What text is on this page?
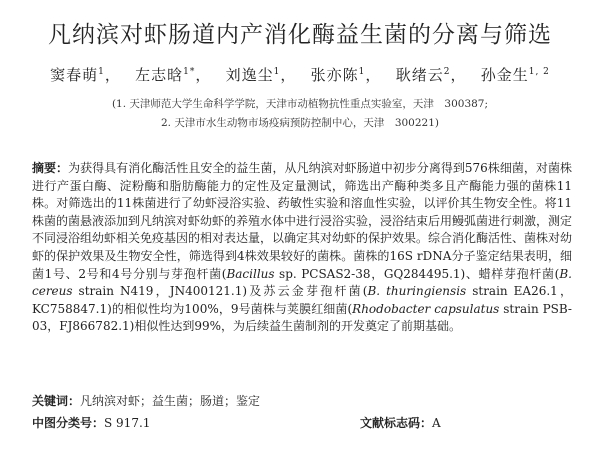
凡纳滨对虾肠道内产消化酶益生菌的分离与筛选
窦春萌$^1$，　 左志晗$^{1*}$，　 刘逸尘$^1$，　 张亦陈$^1$，　 耿绪云$^2$，　 孙金生$^{1, 2}$
(1. 天津师范大学生命科学学院，天津市动植物抗性重点实验室，天津　300387;
2. 天津市水生动物市场疫病预防控制中心，天津　300221)
摘要：为获得具有消化酶活性且安全的益生菌，从凡纳滨对虾肠道中初步分离得到576株细菌，对菌株进行产蛋白酶、淀粉酶和脂肪酶能力的定性及定量测试，筛选出产酶种类多且产酶能力强的菌株11株。对筛选出的11株菌进行了幼虾浸浴实验、药敏性实验和溶血性实验，以评价其生物安全性。将11株菌的菌悬液添加到凡纳滨对虾幼虾的养殖水体中进行浸浴实验，浸浴结束后用鳗弧菌进行刺激，测定不同浸浴组幼虾相关免疫基因的相对表达量，以确定其对幼虾的保护效果。综合消化酶活性、菌株对幼虾的保护效果及生物安全性，筛选得到4株效果较好的菌株。菌株的16S rDNA分子鉴定结果表明，细菌1号、2号和4号分别与芽孢杆菌(Bacillus sp. PCSAS2-38，GQ284495.1)、蜡样芽孢杆菌(B. cereus strain N419，JN400121.1)及苏云金芽孢杆菌(B. thuringiensis strain EA26.1，KC758847.1)的相似性均为100%，9号菌株与荚膜红细菌(Rhodobacter capsulatus strain PSB-03，FJ866782.1)相似性达到99%，为后续益生菌制剂的开发奠定了前期基础。
关键词：凡纳滨对虾；益生菌；肠道；鉴定
中图分类号：S 917.1	文献标志码：A
